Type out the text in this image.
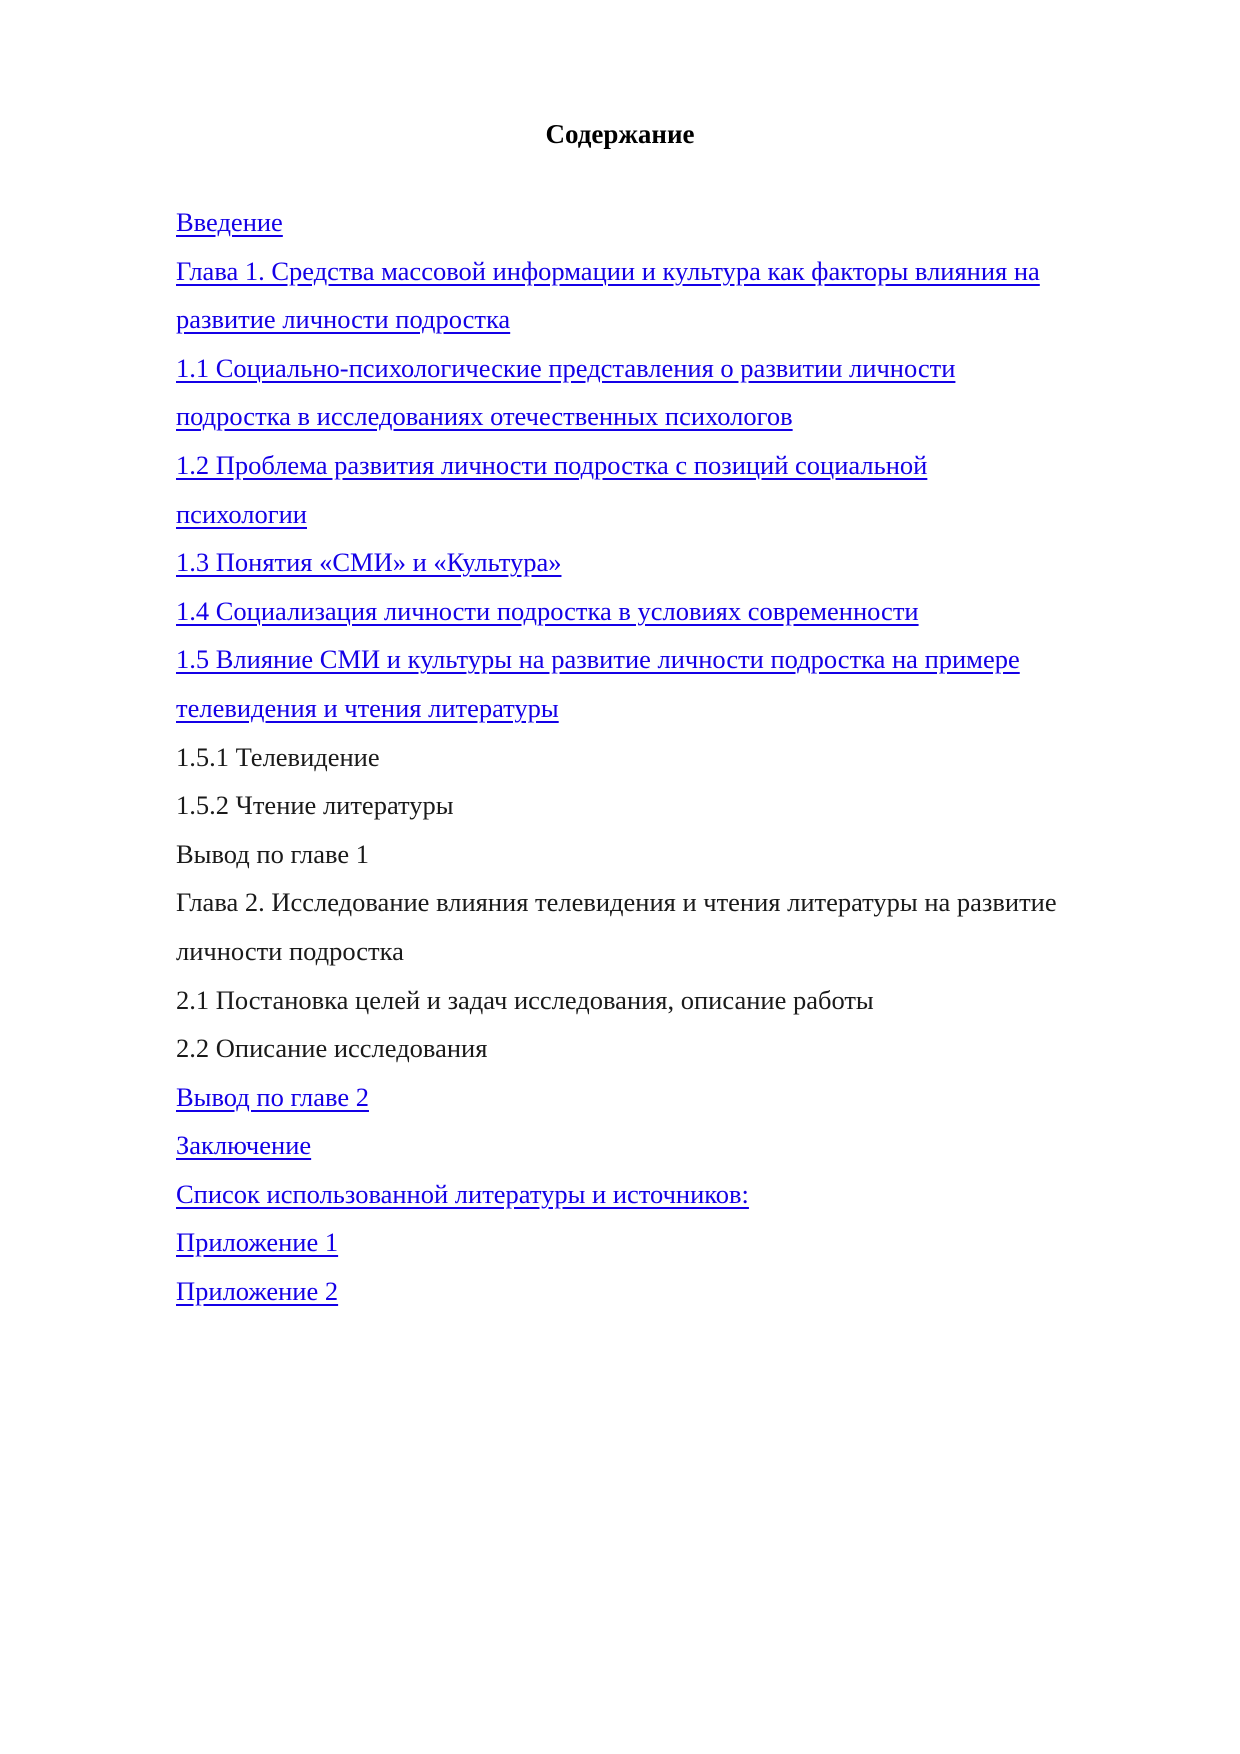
Содержание
Введение
Глава 1. Средства массовой информации и культура как факторы влияния на
развитие личности подростка
1.1 Социально-психологические представления о развитии личности
подростка в исследованиях отечественных психологов
1.2 Проблема развития личности подростка с позиций социальной
психологии
1.3 Понятия «СМИ» и «Культура»
1.4 Социализация личности подростка в условиях современности
1.5 Влияние СМИ и культуры на развитие личности подростка на примере
телевидения и чтения литературы
1.5.1 Телевидение
1.5.2 Чтение литературы
Вывод по главе 1
Глава 2. Исследование влияния телевидения и чтения литературы на развитие
личности подростка
2.1 Постановка целей и задач исследования, описание работы
2.2 Описание исследования
Вывод по главе 2
Заключение
Список использованной литературы и источников:
Приложение 1
Приложение 2
